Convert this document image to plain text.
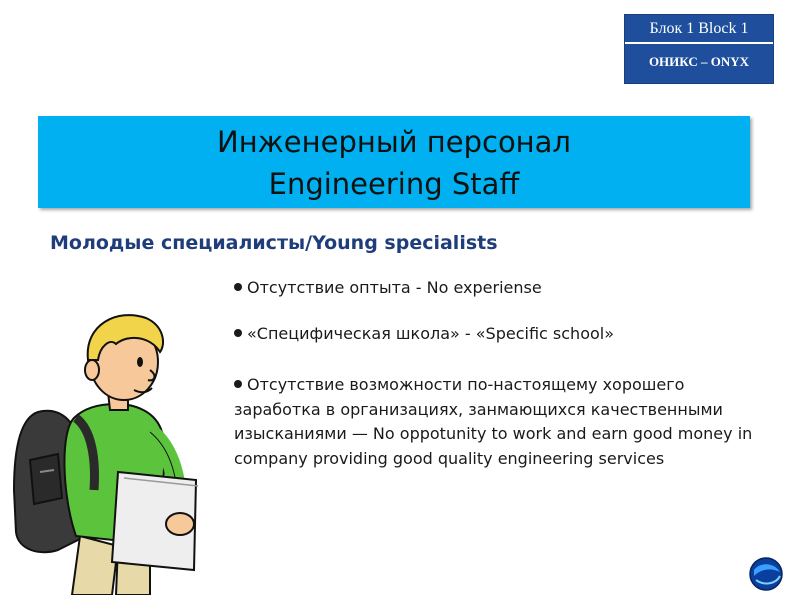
Блок 1 Block 1
ОНИКС – ONYX
Инженерный персонал
Engineering Staff
Молодые специалисты/Young specialists
Отсутствие оптыта - No experiense
«Специфическая школа» - «Specific school»
Отсутствие возможности по-настоящему хорошего заработка в организациях, занмающихся качественными изысканиями — No oppotunity to work and earn good money in company providing good quality engineering services
